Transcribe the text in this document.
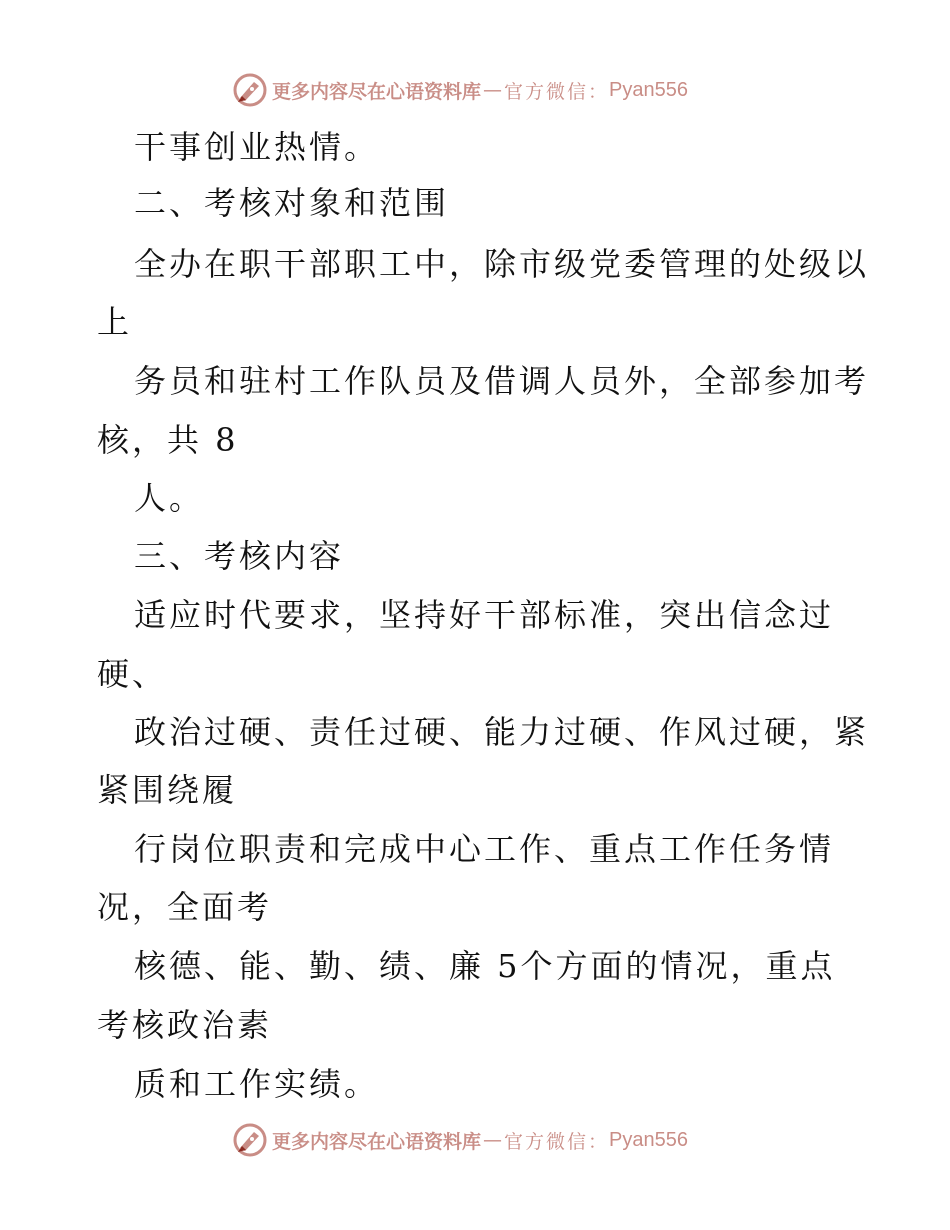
更多内容尽在心语资料库 — 官方微信： Pyan556
干事创业热情。
二、考核对象和范围
全办在职干部职工中，除市级党委管理的处级以
上
务员和驻村工作队员及借调人员外，全部参加考
核，共 8
人。
三、考核内容
适应时代要求，坚持好干部标准，突出信念过
硬、
政治过硬、责任过硬、能力过硬、作风过硬，紧
紧围绕履
行岗位职责和完成中心工作、重点工作任务情
况，全面考
核德、能、勤、绩、廉 5个方面的情况，重点
考核政治素
质和工作实绩。
更多内容尽在心语资料库 — 官方微信： Pyan556
